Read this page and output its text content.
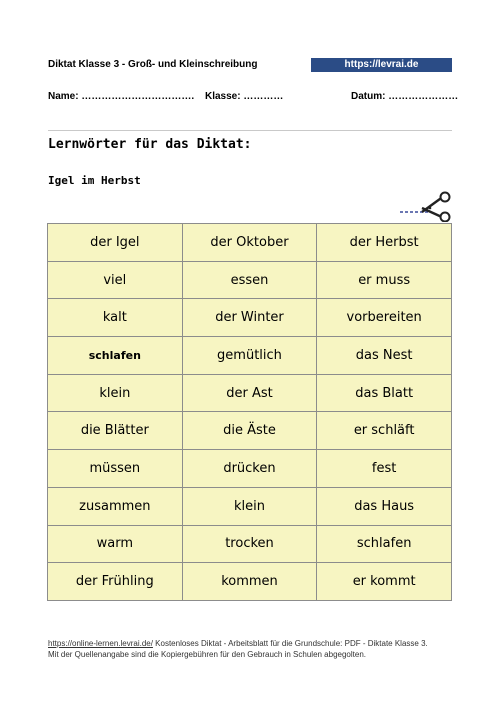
Diktat Klasse 3 - Groß- und Kleinschreibung	https://levrai.de
Name: ……………………………. Klasse: …………	Datum: …………………
Lernwörter für das Diktat:
Igel im Herbst
der Igel	der Oktober	der Herbst
viel	essen	er muss
kalt	der Winter	vorbereiten
schlafen	gemütlich	das Nest
klein	der Ast	das Blatt
die Blätter	die Äste	er schläft
müssen	drücken	fest
zusammen	klein	das Haus
warm	trocken	schlafen
der Frühling	kommen	er kommt
https://online-lernen.levrai.de/ Kostenloses Diktat - Arbeitsblatt für die Grundschule: PDF - Diktate Klasse 3.
Mit der Quellenangabe sind die Kopiergebühren für den Gebrauch in Schulen abgegolten.
